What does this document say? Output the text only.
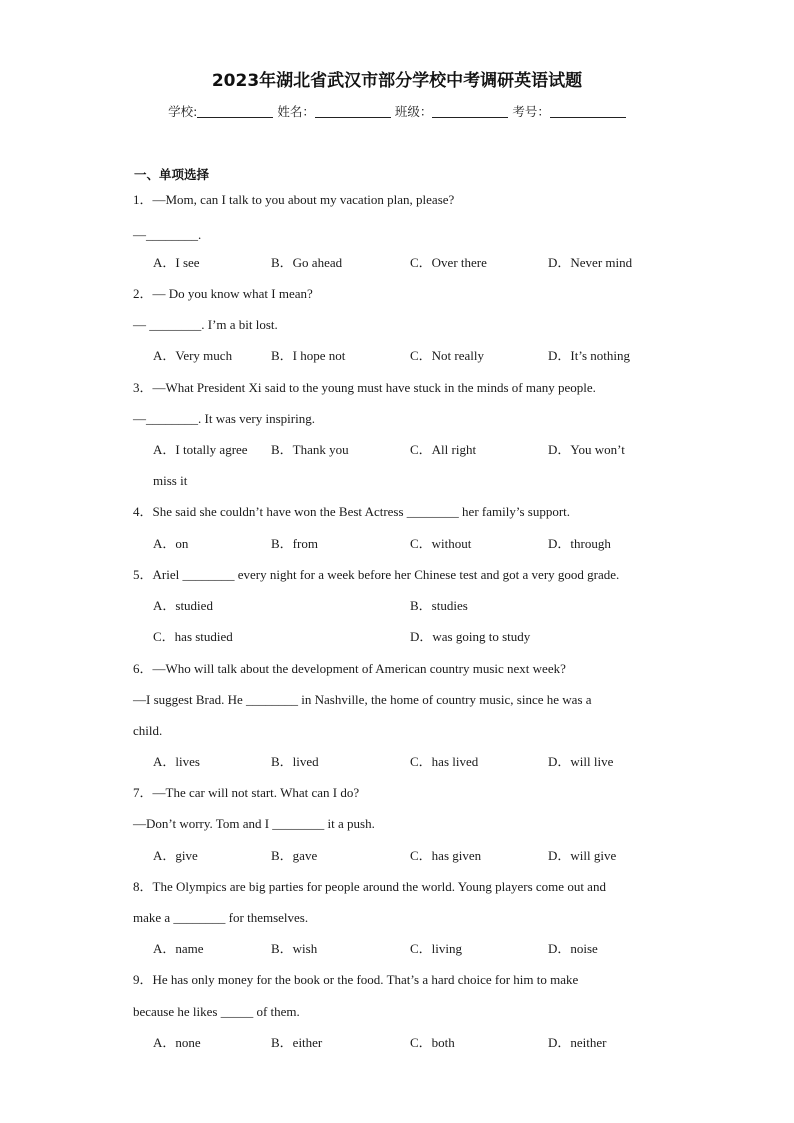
2023年湖北省武汉市部分学校中考调研英语试题
学校:	姓名：	班级：	考号：
一、单项选择
1．—Mom, can I talk to you about my vacation plan, please?
—________.
A．I see	B．Go ahead	C．Over there	D．Never mind
2．— Do you know what I mean?
— ________. I’m a bit lost.
A．Very much	B．I hope not	C．Not really	D．It’s nothing
3．—What President Xi said to the young must have stuck in the minds of many people.
—________. It was very inspiring.
A．I totally agree B．Thank you	C．All right	D．You won’t
miss it
4．She said she couldn’t have won the Best Actress ________ her family’s support.
A．on	B．from	C．without	D．through
5．Ariel ________ every night for a week before her Chinese test and got a very good grade.
A．studied	B．studies
C．has studied	D．was going to study
6．—Who will talk about the development of American country music next week?
—I suggest Brad. He ________ in Nashville, the home of country music, since he was a
child.
A．lives	B．lived	C．has lived	D．will live
7．—The car will not start. What can I do?
—Don’t worry. Tom and I ________ it a push.
A．give	B．gave	C．has given	D．will give
8．The Olympics are big parties for people around the world. Young players come out and
make a ________ for themselves.
A．name	B．wish	C．living	D．noise
9．He has only money for the book or the food. That’s a hard choice for him to make
because he likes _____ of them.
A．none	B．either	C．both	D．neither
